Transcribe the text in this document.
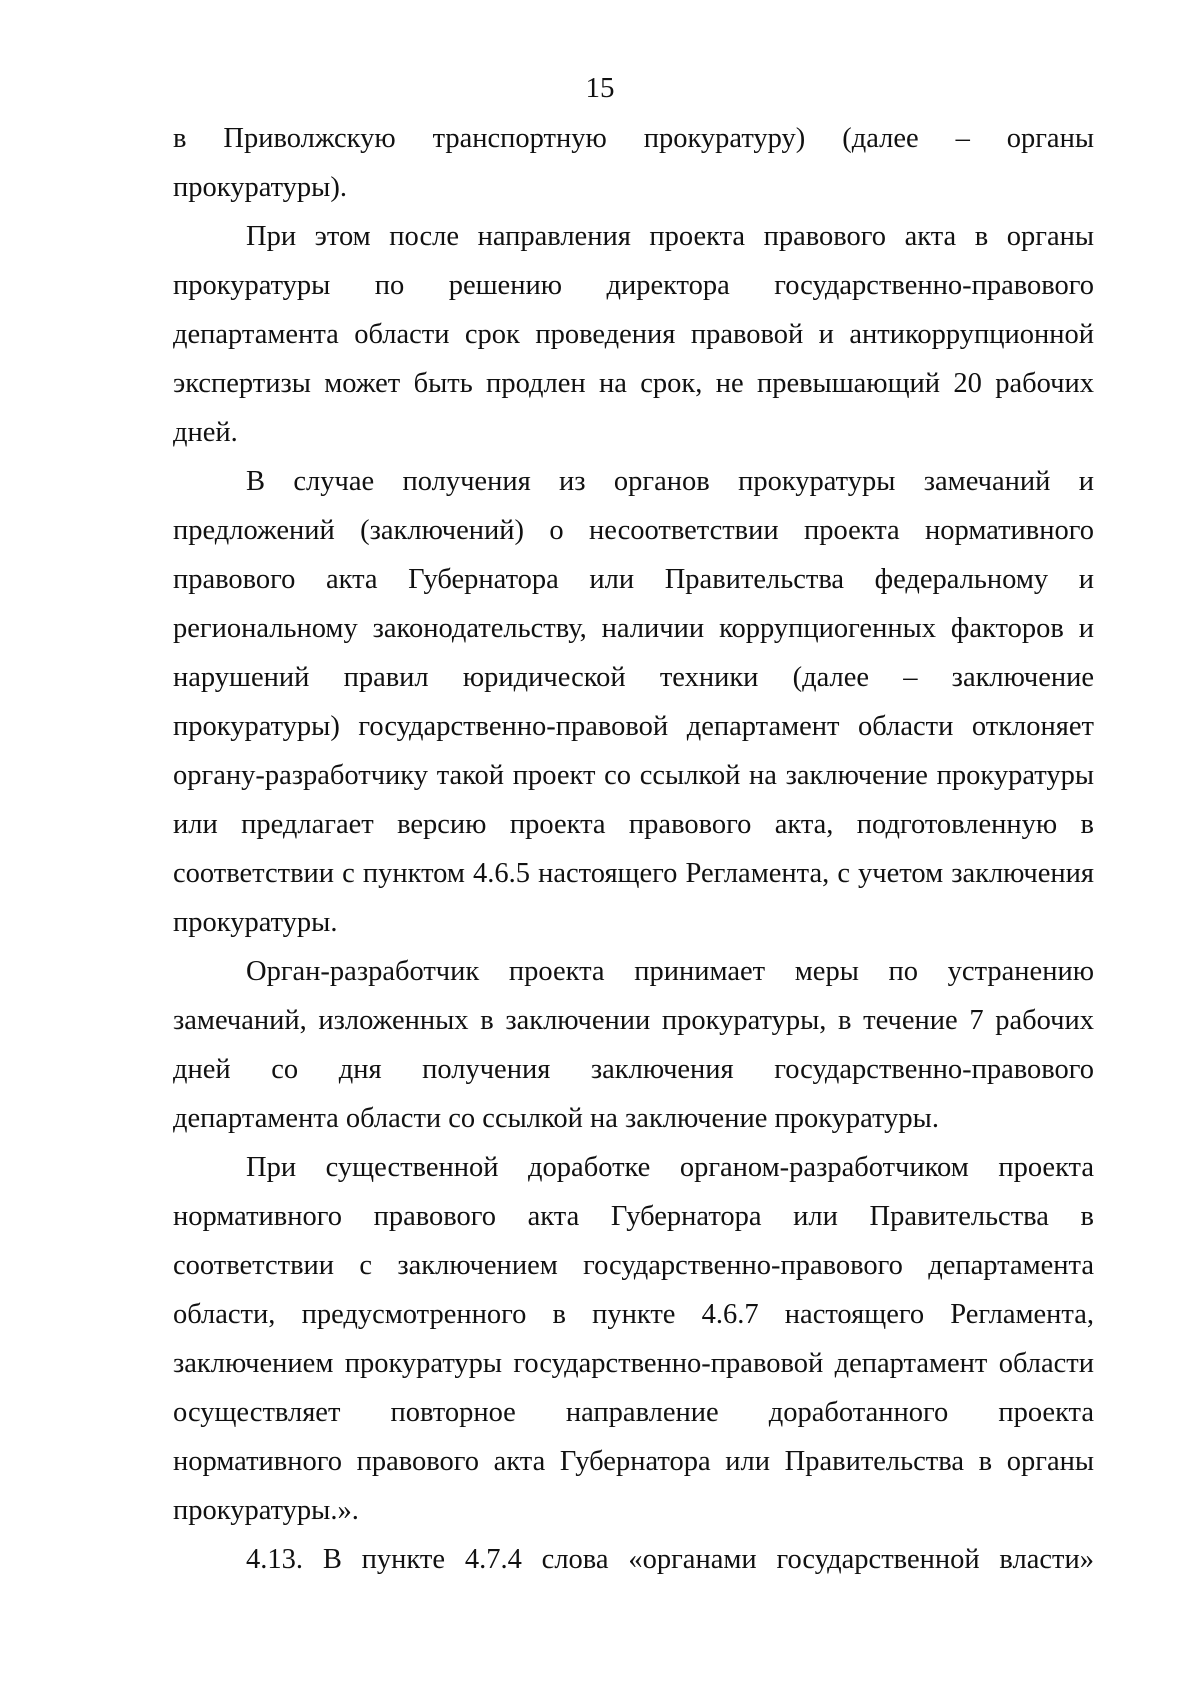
15

в Приволжскую транспортную прокуратуру) (далее – органы прокуратуры).

При этом после направления проекта правового акта в органы прокуратуры по решению директора государственно-правового департамента области срок проведения правовой и антикоррупционной экспертизы может быть продлен на срок, не превышающий 20 рабочих дней.

В случае получения из органов прокуратуры замечаний и предложений (заключений) о несоответствии проекта нормативного правового акта Губернатора или Правительства федеральному и региональному законодательству, наличии коррупциогенных факторов и нарушений правил юридической техники (далее – заключение прокуратуры) государственно-правовой департамент области отклоняет органу-разработчику такой проект со ссылкой на заключение прокуратуры или предлагает версию проекта правового акта, подготовленную в соответствии с пунктом 4.6.5 настоящего Регламента, с учетом заключения прокуратуры.

Орган-разработчик проекта принимает меры по устранению замечаний, изложенных в заключении прокуратуры, в течение 7 рабочих дней со дня получения заключения государственно-правового департамента области со ссылкой на заключение прокуратуры.

При существенной доработке органом-разработчиком проекта нормативного правового акта Губернатора или Правительства в соответствии с заключением государственно-правового департамента области, предусмотренного в пункте 4.6.7 настоящего Регламента, заключением прокуратуры государственно-правовой департамент области осуществляет повторное направление доработанного проекта нормативного правового акта Губернатора или Правительства в органы прокуратуры.».

4.13. В пункте 4.7.4 слова «органами государственной власти»
